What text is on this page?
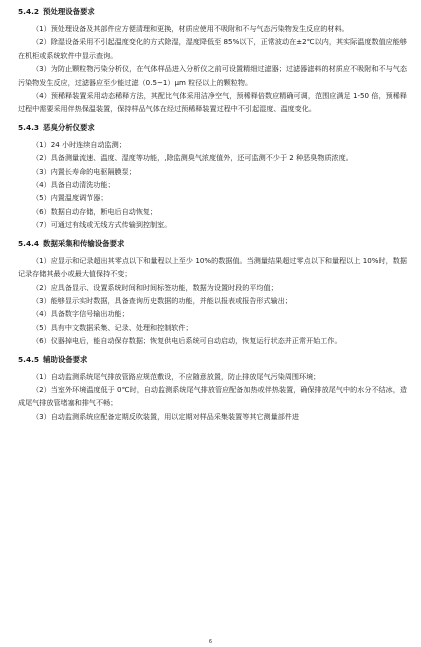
5.4.2 预处理设备要求

（1）预处理设备及其部件应方便清理和更换，材质应使用不吸附和不与气态污染物发生反应的材料。

（2）除湿设备采用不引起温度变化的方式除湿，湿度降低至 85%以下，正常波动在±2℃以内，其实际温度数值应能够在机柜或系统软件中显示查询。

（3）为防止颗粒物污染分析仪，在气体样品进入分析仪之前可设置精细过滤器；过滤器滤料的材质应不吸附和不与气态污染物发生反应，过滤器应至少能过滤（0.5~1）μm 粒径以上的颗粒物。

（4）预稀释装置采用动态稀释方法，其配比气体采用洁净空气，预稀释倍数应精确可调，范围应满足 1-50 倍，预稀释过程中需要采用伴热保温装置，保持样品气体在经过预稀释装置过程中不引起湿度、温度变化。

5.4.3 恶臭分析仪要求

（1）24 小时连续自动监测；

（2）具备测量流速、温度、湿度等功能，,除监测臭气浓度值外，还可监测不少于 2 种恶臭物质浓度。

（3）内置长寿命的电驱隔膜泵；

（4）具备自动清洗功能；

（5）内置温度调节器；

（6）数据自动存储，断电后自动恢复；

（7）可通过有线或无线方式传输到控制室。

5.4.4 数据采集和传输设备要求

（1）应显示和记录超出其零点以下和量程以上至少 10%的数据值。当测量结果超过零点以下和量程以上 10%时，数据记录存储其最小或最大值保持不变；

（2）应具备显示、设置系统时间和时间标签功能，数据为设置时段的平均值；

（3）能够显示实时数据，具备查询历史数据的功能，并能以报表或报告形式输出；

（4）具备数字信号输出功能；

（5）具有中文数据采集、记录、处理和控制软件；

（6）仪器掉电后，能自动保存数据；恢复供电后系统可自动启动，恢复运行状态并正常开始工作。

5.4.5 辅助设备要求

（1）自动监测系统尾气排放管路应规范敷设，不应随意放置，防止排放尾气污染周围环境；

（2）当室外环境温度低于 0℃时，自动监测系统尾气排放管应配备加热或伴热装置，确保排放尾气中的水分不结冰，造成尾气排放管堵塞和排气不畅；

（3）自动监测系统应配备定期反吹装置，用以定期对样品采集装置等其它测量部件进

6
